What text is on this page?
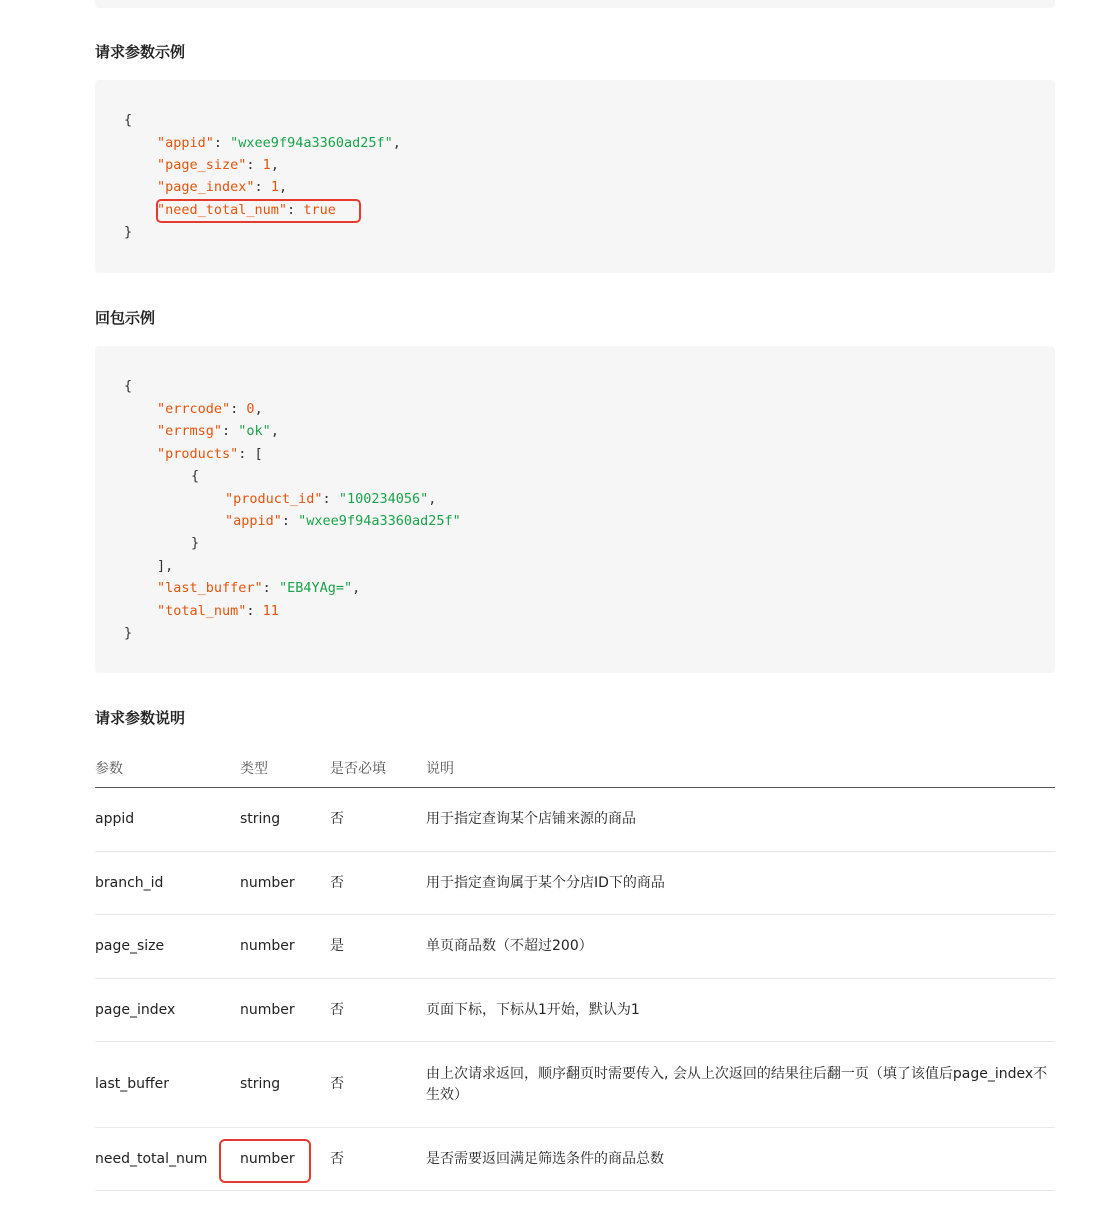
请求参数示例
{
"appid": "wxee9f94a3360ad25f",
"page_size": 1,
"page_index": 1,
"need_total_num": true
}
回包示例
{
"errcode": 0,
"errmsg": "ok",
"products": [
{
"product_id": "100234056",
"appid": "wxee9f94a3360ad25f"
}
],
"last_buffer": "EB4YAg=",
"total_num": 11
}
请求参数说明
参数	类型	是否必填	说明
appid	string	否	用于指定查询某个店铺来源的商品
branch_id	number	否	用于指定查询属于某个分店ID下的商品
page_size	number	是	单页商品数（不超过200）
page_index	number	否	页面下标，下标从1开始，默认为1
last_buffer	string	否	由上次请求返回，顺序翻页时需要传入, 会从上次返回的结果往后翻一页（填了该值后page_index不生效）
need_total_num	number	否	是否需要返回满足筛选条件的商品总数
